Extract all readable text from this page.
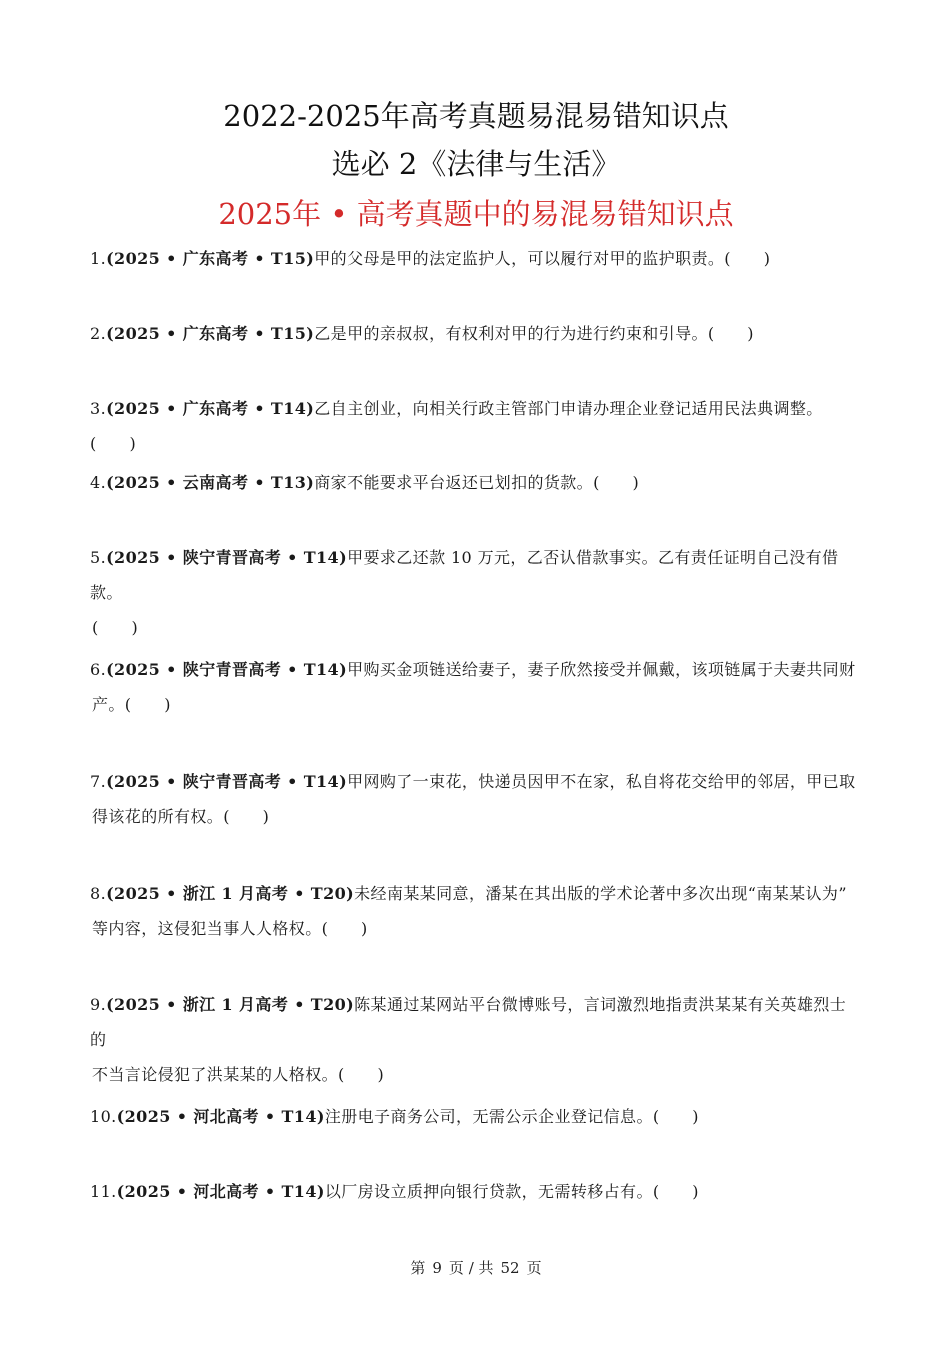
2022-2025年高考真题易混易错知识点
选必 2《法律与生活》
2025年 • 高考真题中的易混易错知识点
1.(2025 • 广东高考 • T15)甲的父母是甲的法定监护人，可以履行对甲的监护职责。(　　)
2.(2025 • 广东高考 • T15)乙是甲的亲叔叔，有权利对甲的行为进行约束和引导。(　　)
3.(2025 • 广东高考 • T14)乙自主创业，向相关行政主管部门申请办理企业登记适用民法典调整。(　　)
4.(2025 • 云南高考 • T13)商家不能要求平台返还已划扣的货款。(　　)
5.(2025 • 陕宁青晋高考 • T14)甲要求乙还款 10 万元，乙否认借款事实。乙有责任证明自己没有借款。
(　　)
6.(2025 • 陕宁青晋高考 • T14)甲购买金项链送给妻子，妻子欣然接受并佩戴，该项链属于夫妻共同财
产。(　　)
7.(2025 • 陕宁青晋高考 • T14)甲网购了一束花，快递员因甲不在家，私自将花交给甲的邻居，甲已取
得该花的所有权。(　　)
8.(2025 • 浙江 1 月高考 • T20)未经南某某同意，潘某在其出版的学术论著中多次出现“南某某认为”
等内容，这侵犯当事人人格权。(　　)
9.(2025 • 浙江 1 月高考 • T20)陈某通过某网站平台微博账号，言词激烈地指责洪某某有关英雄烈士的
不当言论侵犯了洪某某的人格权。(　　)
10.(2025 • 河北高考 • T14)注册电子商务公司，无需公示企业登记信息。(　　)
11.(2025 • 河北高考 • T14)以厂房设立质押向银行贷款，无需转移占有。(　　)
第 9 页 / 共 52 页
